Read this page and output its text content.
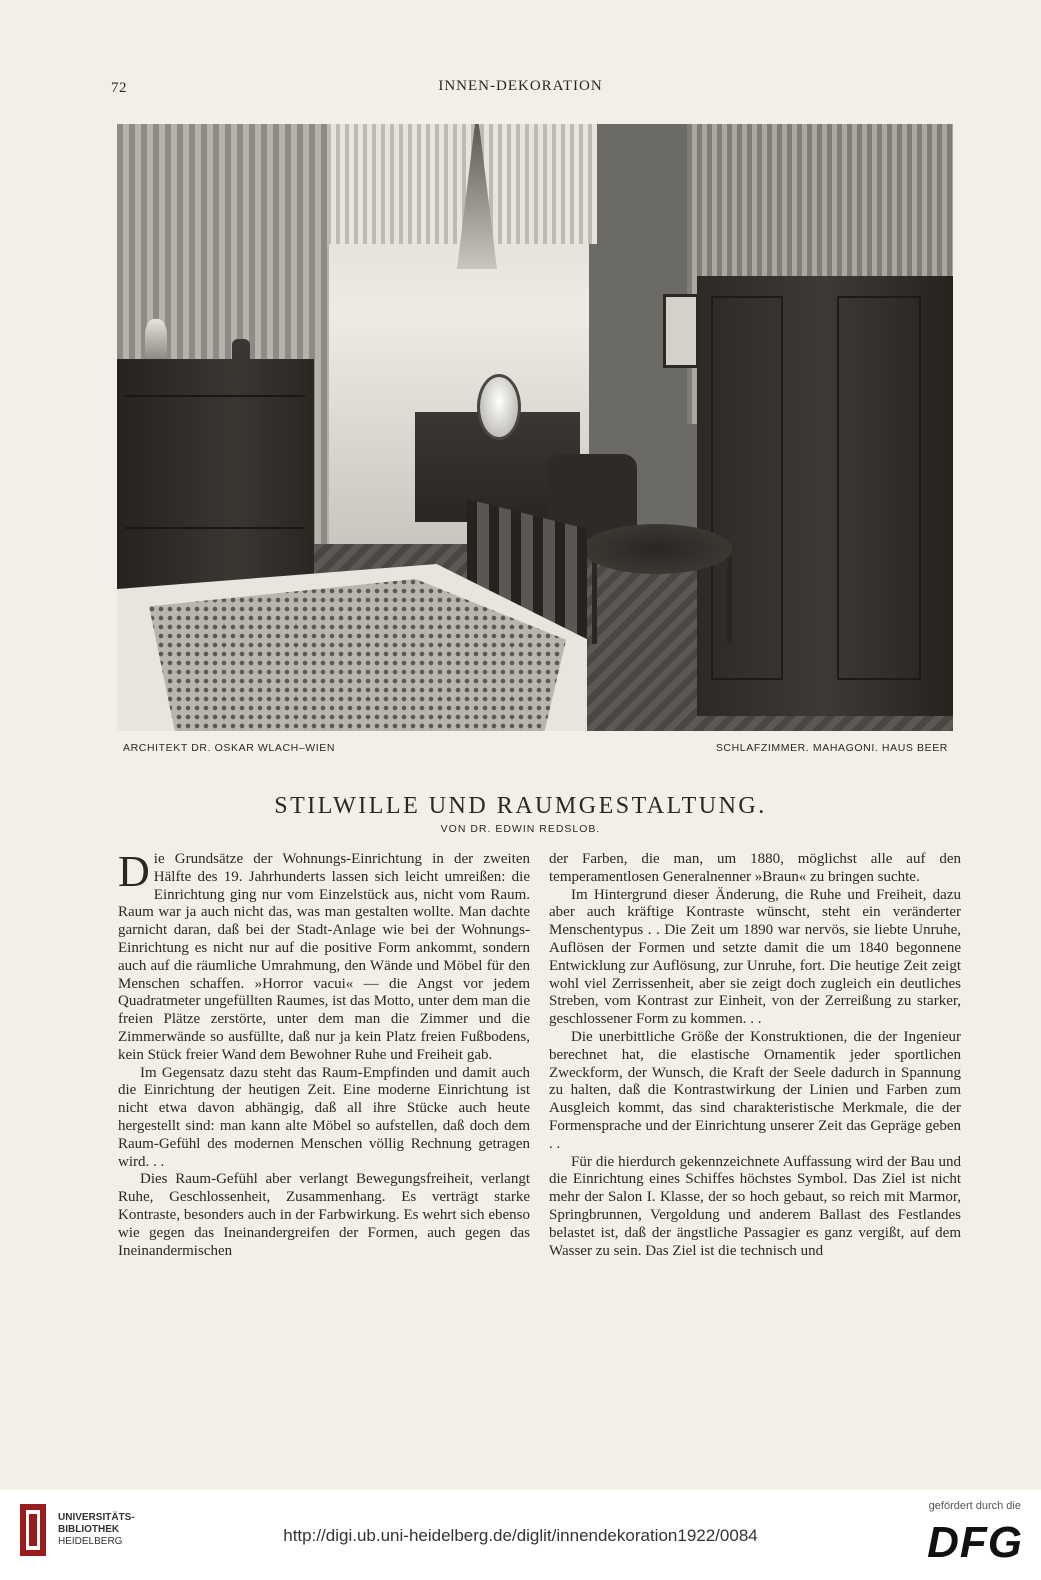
72	INNEN-DEKORATION
ARCHITEKT DR. OSKAR WLACH–WIEN	SCHLAFZIMMER. MAHAGONI. HAUS BEER
STILWILLE UND RAUMGESTALTUNG.
VON DR. EDWIN REDSLOB.

Die Grundsätze der Wohnungs-Einrichtung in der zweiten Hälfte des 19. Jahrhunderts lassen sich leicht umreißen: die Einrichtung ging nur vom Einzelstück aus, nicht vom Raum. Raum war ja auch nicht das, was man gestalten wollte. Man dachte garnicht daran, daß bei der Stadt-Anlage wie bei der Wohnungs-Einrichtung es nicht nur auf die positive Form ankommt, sondern auch auf die räumliche Umrahmung, den Wände und Möbel für den Menschen schaffen. »Horror vacui« — die Angst vor jedem Quadratmeter ungefüllten Raumes, ist das Motto, unter dem man die freien Plätze zerstörte, unter dem man die Zimmer und die Zimmerwände so ausfüllte, daß nur ja kein Platz freien Fußbodens, kein Stück freier Wand dem Bewohner Ruhe und Freiheit gab.

Im Gegensatz dazu steht das Raum-Empfinden und damit auch die Einrichtung der heutigen Zeit. Eine moderne Einrichtung ist nicht etwa davon abhängig, daß all ihre Stücke auch heute hergestellt sind: man kann alte Möbel so aufstellen, daß doch dem Raum-Gefühl des modernen Menschen völlig Rechnung getragen wird. . .

Dies Raum-Gefühl aber verlangt Bewegungsfreiheit, verlangt Ruhe, Geschlossenheit, Zusammenhang. Es verträgt starke Kontraste, besonders auch in der Farbwirkung. Es wehrt sich ebenso wie gegen das Ineinandergreifen der Formen, auch gegen das Ineinandermischen

der Farben, die man, um 1880, möglichst alle auf den temperamentlosen Generalnenner »Braun« zu bringen suchte.

Im Hintergrund dieser Änderung, die Ruhe und Freiheit, dazu aber auch kräftige Kontraste wünscht, steht ein veränderter Menschentypus . . Die Zeit um 1890 war nervös, sie liebte Unruhe, Auflösen der Formen und setzte damit die um 1840 begonnene Entwicklung zur Auflösung, zur Unruhe, fort. Die heutige Zeit zeigt wohl viel Zerrissenheit, aber sie zeigt doch zugleich ein deutliches Streben, vom Kontrast zur Einheit, von der Zerreißung zu starker, geschlossener Form zu kommen. . .

Die unerbittliche Größe der Konstruktionen, die der Ingenieur berechnet hat, die elastische Ornamentik jeder sportlichen Zweckform, der Wunsch, die Kraft der Seele dadurch in Spannung zu halten, daß die Kontrastwirkung der Linien und Farben zum Ausgleich kommt, das sind charakteristische Merkmale, die der Formensprache und der Einrichtung unserer Zeit das Gepräge geben . .

Für die hierdurch gekennzeichnete Auffassung wird der Bau und die Einrichtung eines Schiffes höchstes Symbol. Das Ziel ist nicht mehr der Salon I. Klasse, der so hoch gebaut, so reich mit Marmor, Springbrunnen, Vergoldung und anderem Ballast des Festlandes belastet ist, daß der ängstliche Passagier es ganz vergißt, auf dem Wasser zu sein. Das Ziel ist die technisch und

UNIVERSITÄTS-
BIBLIOTHEK
HEIDELBERG	http://digi.ub.uni-heidelberg.de/diglit/innendekoration1922/0084
gefördert durch die
DFG
